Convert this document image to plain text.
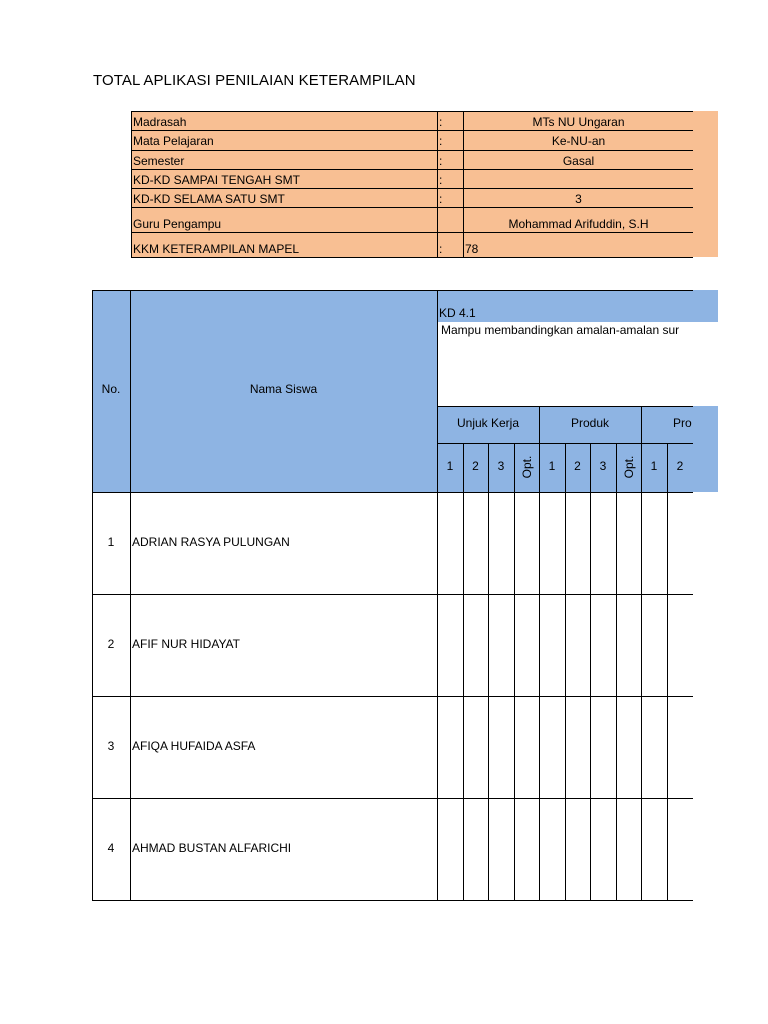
TOTAL APLIKASI PENILAIAN KETERAMPILAN
Madrasah	:	MTs NU Ungaran
Mata Pelajaran	:	Ke-NU-an
Semester	:	Gasal
KD-KD SAMPAI TENGAH SMT	:
KD-KD SELAMA SATU SMT	:	3
Guru Pengampu	Mohammad Arifuddin, S.H
KKM KETERAMPILAN MAPEL	: 78
No.	Nama Siswa
KD 4.1
Mampu membandingkan amalan-amalan sur
Unjuk Kerja	Produk	Pro
1	2	3	Opt.	1	2	3	Opt.	1	2
1	ADRIAN RASYA PULUNGAN
2	AFIF NUR HIDAYAT
3	AFIQA HUFAIDA ASFA
4	AHMAD BUSTAN ALFARICHI
